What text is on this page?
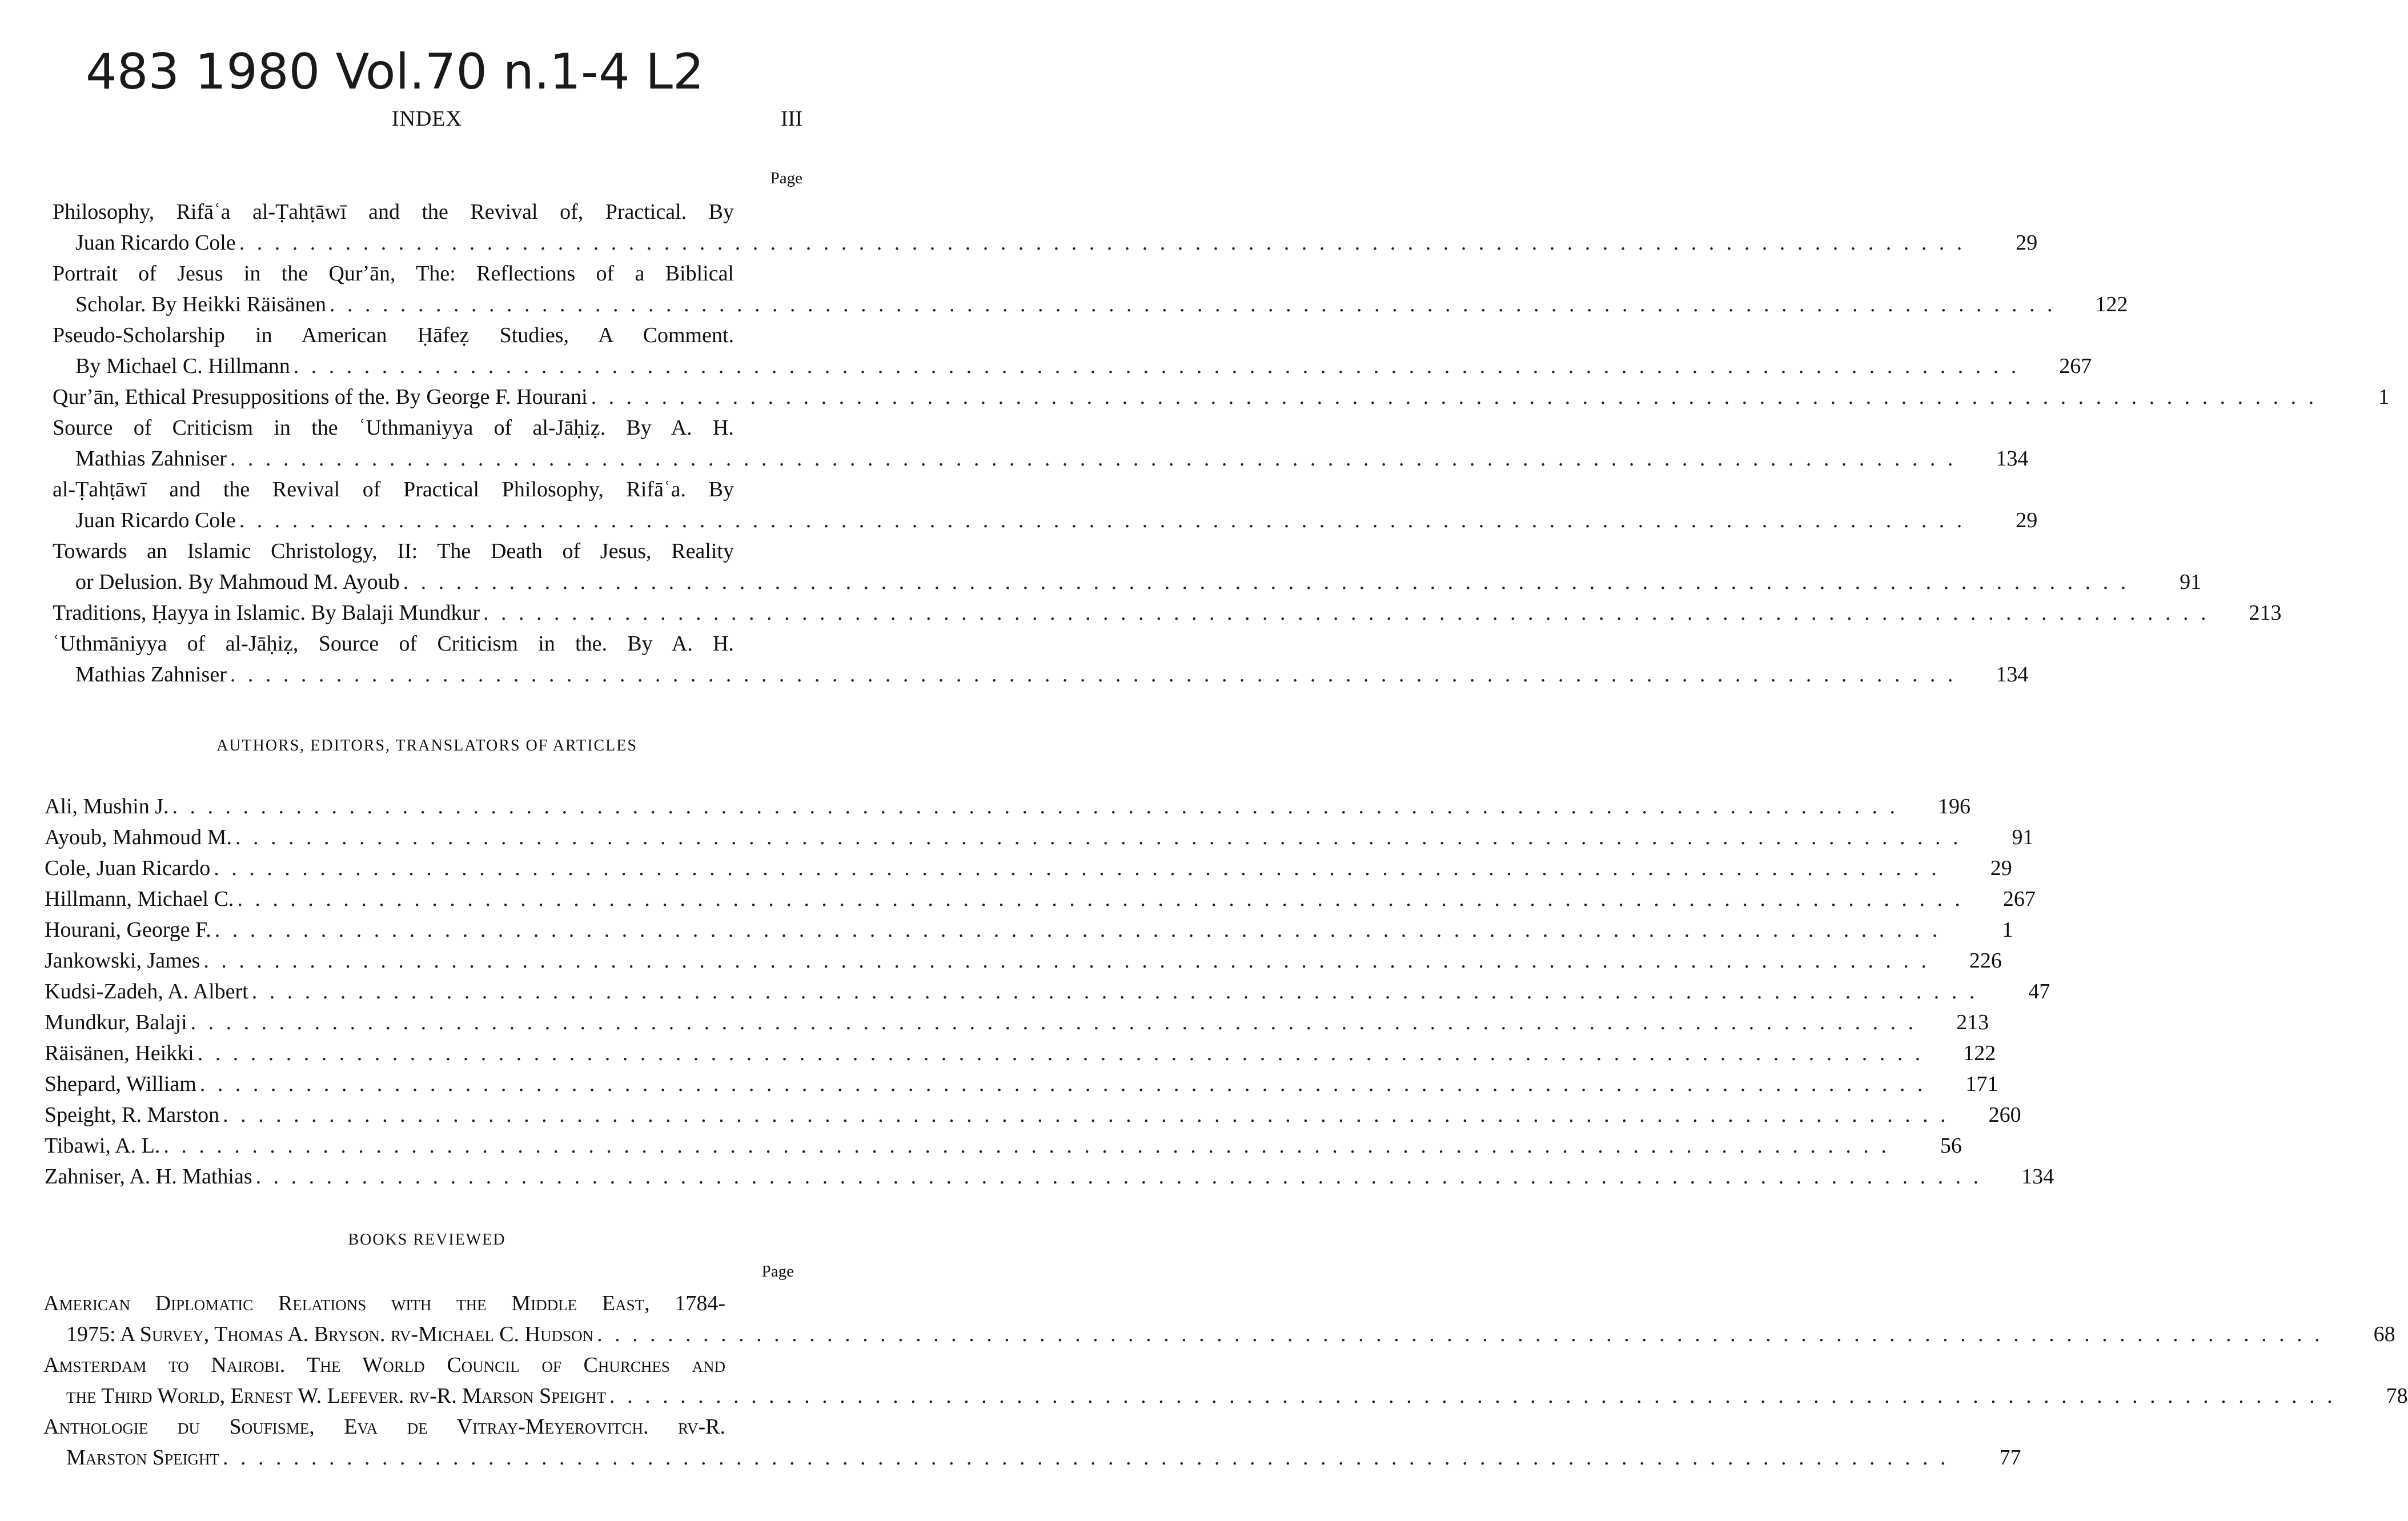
483 1980 Vol.70 n.1-4 L2
INDEX	III
Page
Philosophy, Rifāʿa al-Ṭahṭāwī and the Revival of, Practical. By
Juan Ricardo Cole . . . . . . . . . . . . . . . . . . . . . . . . . . . . . . . . . . . . . . . . . . . . . . . . . . . . . . . . . . . . . . . . . . . . . . . . . . . . . . . . . . . . . . . . . . . . . . . . . .	29
Portrait of Jesus in the Qurʼān, The: Reflections of a Biblical
Scholar. By Heikki Räisänen . . . . . . . . . . . . . . . . . . . . . . . . . . . . . . . . . . . . . . . . . . . . . . . . . . . . . . . . . . . . . . . . . . . . . . . . . . . . . . . . . . . . . . . . . . . . . . . . . .	122
Pseudo-Scholarship in American Ḥāfeẓ Studies, A Comment.
By Michael C. Hillmann . . . . . . . . . . . . . . . . . . . . . . . . . . . . . . . . . . . . . . . . . . . . . . . . . . . . . . . . . . . . . . . . . . . . . . . . . . . . . . . . . . . . . . . . . . . . . . . . . .	267
Qurʼān, Ethical Presuppositions of the. By George F. Hourani . . . . . . . . . . . . . . . . . . . . . . . . . . . . . . . . . . . . . . . . . . . . . . . . . . . . . . . . . . . . . . . . . . . . . . . . . . . . . . . . . . . . . . . . . . . . . . . . . .	1
Source of Criticism in the ʿUthmaniyya of al-Jāḥiẓ. By A. H.
Mathias Zahniser . . . . . . . . . . . . . . . . . . . . . . . . . . . . . . . . . . . . . . . . . . . . . . . . . . . . . . . . . . . . . . . . . . . . . . . . . . . . . . . . . . . . . . . . . . . . . . . . . .	134
al-Ṭahṭāwī and the Revival of Practical Philosophy, Rifāʿa. By
Juan Ricardo Cole . . . . . . . . . . . . . . . . . . . . . . . . . . . . . . . . . . . . . . . . . . . . . . . . . . . . . . . . . . . . . . . . . . . . . . . . . . . . . . . . . . . . . . . . . . . . . . . . . .	29
Towards an Islamic Christology, II: The Death of Jesus, Reality
or Delusion. By Mahmoud M. Ayoub . . . . . . . . . . . . . . . . . . . . . . . . . . . . . . . . . . . . . . . . . . . . . . . . . . . . . . . . . . . . . . . . . . . . . . . . . . . . . . . . . . . . . . . . . . . . . . . . . .	91
Traditions, Ḥayya in Islamic. By Balaji Mundkur . . . . . . . . . . . . . . . . . . . . . . . . . . . . . . . . . . . . . . . . . . . . . . . . . . . . . . . . . . . . . . . . . . . . . . . . . . . . . . . . . . . . . . . . . . . . . . . . . .	213
ʿUthmāniyya of al-Jāḥiẓ, Source of Criticism in the. By A. H.
Mathias Zahniser . . . . . . . . . . . . . . . . . . . . . . . . . . . . . . . . . . . . . . . . . . . . . . . . . . . . . . . . . . . . . . . . . . . . . . . . . . . . . . . . . . . . . . . . . . . . . . . . . .	134
AUTHORS, EDITORS, TRANSLATORS OF ARTICLES
Ali, Mushin J. . . . . . . . . . . . . . . . . . . . . . . . . . . . . . . . . . . . . . . . . . . . . . . . . . . . . . . . . . . . . . . . . . . . . . . . . . . . . . . . . . . . . . . . . . . . . . . . . . .	196
Ayoub, Mahmoud M. . . . . . . . . . . . . . . . . . . . . . . . . . . . . . . . . . . . . . . . . . . . . . . . . . . . . . . . . . . . . . . . . . . . . . . . . . . . . . . . . . . . . . . . . . . . . . . . . . .	91
Cole, Juan Ricardo . . . . . . . . . . . . . . . . . . . . . . . . . . . . . . . . . . . . . . . . . . . . . . . . . . . . . . . . . . . . . . . . . . . . . . . . . . . . . . . . . . . . . . . . . . . . . . . . . .	29
Hillmann, Michael C. . . . . . . . . . . . . . . . . . . . . . . . . . . . . . . . . . . . . . . . . . . . . . . . . . . . . . . . . . . . . . . . . . . . . . . . . . . . . . . . . . . . . . . . . . . . . . . . . . .	267
Hourani, George F. . . . . . . . . . . . . . . . . . . . . . . . . . . . . . . . . . . . . . . . . . . . . . . . . . . . . . . . . . . . . . . . . . . . . . . . . . . . . . . . . . . . . . . . . . . . . . . . . . .	1
Jankowski, James . . . . . . . . . . . . . . . . . . . . . . . . . . . . . . . . . . . . . . . . . . . . . . . . . . . . . . . . . . . . . . . . . . . . . . . . . . . . . . . . . . . . . . . . . . . . . . . . . .	226
Kudsi-Zadeh, A. Albert . . . . . . . . . . . . . . . . . . . . . . . . . . . . . . . . . . . . . . . . . . . . . . . . . . . . . . . . . . . . . . . . . . . . . . . . . . . . . . . . . . . . . . . . . . . . . . . . . .	47
Mundkur, Balaji . . . . . . . . . . . . . . . . . . . . . . . . . . . . . . . . . . . . . . . . . . . . . . . . . . . . . . . . . . . . . . . . . . . . . . . . . . . . . . . . . . . . . . . . . . . . . . . . . .	213
Räisänen, Heikki . . . . . . . . . . . . . . . . . . . . . . . . . . . . . . . . . . . . . . . . . . . . . . . . . . . . . . . . . . . . . . . . . . . . . . . . . . . . . . . . . . . . . . . . . . . . . . . . . .	122
Shepard, William . . . . . . . . . . . . . . . . . . . . . . . . . . . . . . . . . . . . . . . . . . . . . . . . . . . . . . . . . . . . . . . . . . . . . . . . . . . . . . . . . . . . . . . . . . . . . . . . . .	171
Speight, R. Marston . . . . . . . . . . . . . . . . . . . . . . . . . . . . . . . . . . . . . . . . . . . . . . . . . . . . . . . . . . . . . . . . . . . . . . . . . . . . . . . . . . . . . . . . . . . . . . . . . .	260
Tibawi, A. L. . . . . . . . . . . . . . . . . . . . . . . . . . . . . . . . . . . . . . . . . . . . . . . . . . . . . . . . . . . . . . . . . . . . . . . . . . . . . . . . . . . . . . . . . . . . . . . . . . .	56
Zahniser, A. H. Mathias . . . . . . . . . . . . . . . . . . . . . . . . . . . . . . . . . . . . . . . . . . . . . . . . . . . . . . . . . . . . . . . . . . . . . . . . . . . . . . . . . . . . . . . . . . . . . . . . . .	134
BOOKS REVIEWED
Page
American Diplomatic Relations with the Middle East, 1784-
1975: A Survey, Thomas A. Bryson. rv-Michael C. Hudson . . . . . . . . . . . . . . . . . . . . . . . . . . . . . . . . . . . . . . . . . . . . . . . . . . . . . . . . . . . . . . . . . . . . . . . . . . . . . . . . . . . . . . . . . . . . . . . . . .	68
Amsterdam to Nairobi. The World Council of Churches and
the Third World, Ernest W. Lefever. rv-R. Marson Speight . . . . . . . . . . . . . . . . . . . . . . . . . . . . . . . . . . . . . . . . . . . . . . . . . . . . . . . . . . . . . . . . . . . . . . . . . . . . . . . . . . . . . . . . . . . . . . . . . .	78
Anthologie du Soufisme, Eva de Vitray-Meyerovitch. rv-R.
Marston Speight . . . . . . . . . . . . . . . . . . . . . . . . . . . . . . . . . . . . . . . . . . . . . . . . . . . . . . . . . . . . . . . . . . . . . . . . . . . . . . . . . . . . . . . . . . . . . . . . . .	77
